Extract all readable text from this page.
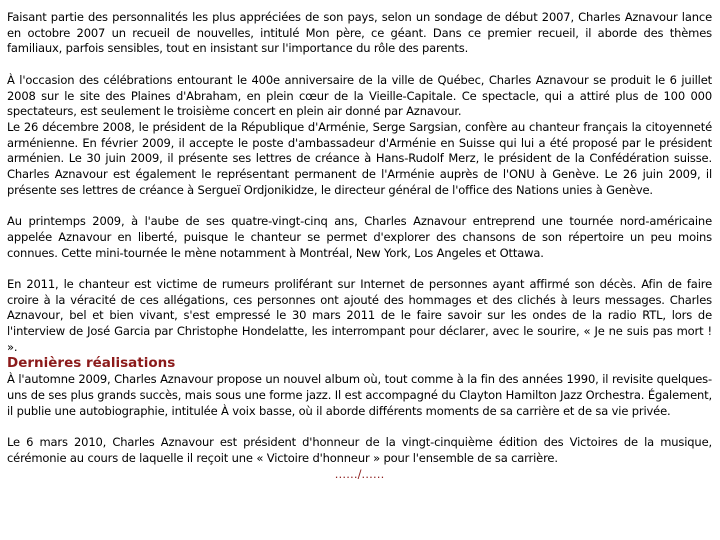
Faisant partie des personnalités les plus appréciées de son pays, selon un sondage de début 2007, Charles Aznavour lance en octobre 2007 un recueil de nouvelles, intitulé Mon père, ce géant. Dans ce premier recueil, il aborde des thèmes familiaux, parfois sensibles, tout en insistant sur l'importance du rôle des parents.

À l'occasion des célébrations entourant le 400e anniversaire de la ville de Québec, Charles Aznavour se produit le 6 juillet 2008 sur le site des Plaines d'Abraham, en plein cœur de la Vieille-Capitale. Ce spectacle, qui a attiré plus de 100 000 spectateurs, est seulement le troisième concert en plein air donné par Aznavour.

Le 26 décembre 2008, le président de la République d'Arménie, Serge Sargsian, confère au chanteur français la citoyenneté arménienne. En février 2009, il accepte le poste d'ambassadeur d'Arménie en Suisse qui lui a été proposé par le président arménien. Le 30 juin 2009, il présente ses lettres de créance à Hans-Rudolf Merz, le président de la Confédération suisse. Charles Aznavour est également le représentant permanent de l'Arménie auprès de l'ONU à Genève. Le 26 juin 2009, il présente ses lettres de créance à Sergueï Ordjonikidze, le directeur général de l'office des Nations unies à Genève.

Au printemps 2009, à l'aube de ses quatre-vingt-cinq ans, Charles Aznavour entreprend une tournée nord-américaine appelée Aznavour en liberté, puisque le chanteur se permet d'explorer des chansons de son répertoire un peu moins connues. Cette mini-tournée le mène notamment à Montréal, New York, Los Angeles et Ottawa.

En 2011, le chanteur est victime de rumeurs proliférant sur Internet de personnes ayant affirmé son décès. Afin de faire croire à la véracité de ces allégations, ces personnes ont ajouté des hommages et des clichés à leurs messages. Charles Aznavour, bel et bien vivant, s'est empressé le 30 mars 2011 de le faire savoir sur les ondes de la radio RTL, lors de l'interview de José Garcia par Christophe Hondelatte, les interrompant pour déclarer, avec le sourire, « Je ne suis pas mort ! ».

Dernières réalisations

À l'automne 2009, Charles Aznavour propose un nouvel album où, tout comme à la fin des années 1990, il revisite quelques-uns de ses plus grands succès, mais sous une forme jazz. Il est accompagné du Clayton Hamilton Jazz Orchestra. Également, il publie une autobiographie, intitulée À voix basse, où il aborde différents moments de sa carrière et de sa vie privée.

Le 6 mars 2010, Charles Aznavour est président d'honneur de la vingt-cinquième édition des Victoires de la musique, cérémonie au cours de laquelle il reçoit une « Victoire d'honneur » pour l'ensemble de sa carrière.

……/……
